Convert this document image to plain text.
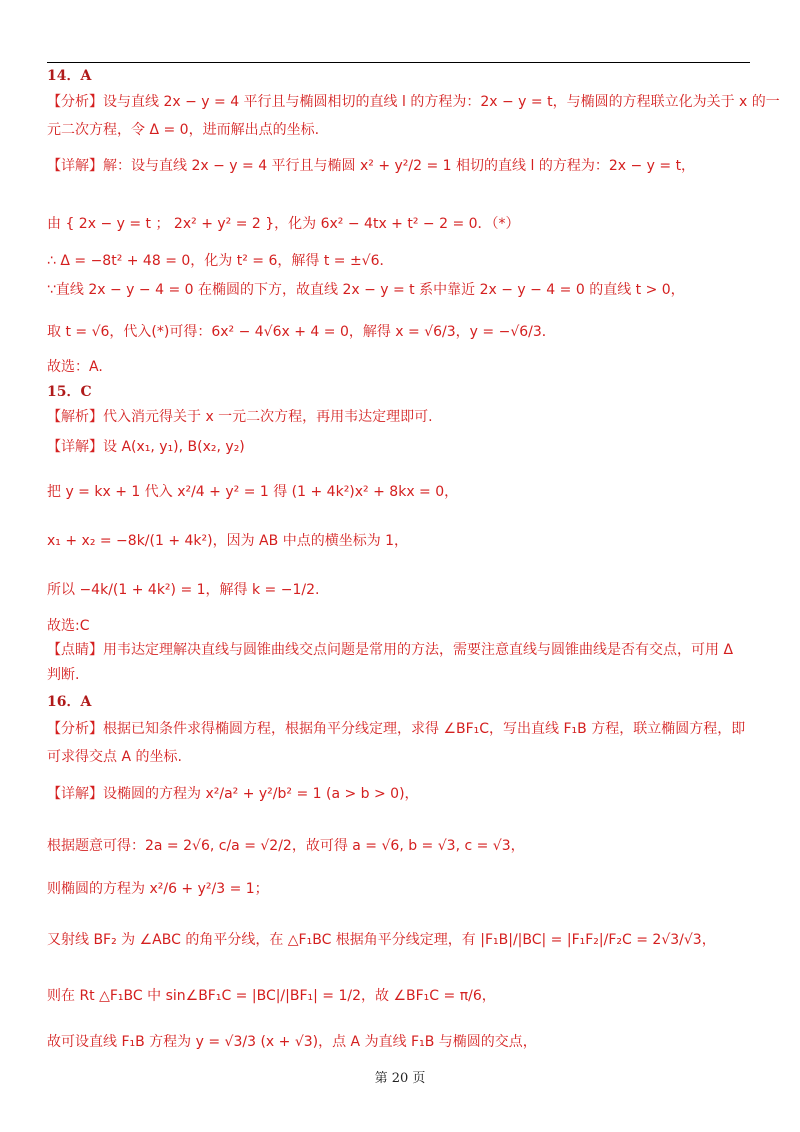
14．A
【分析】设与直线 2x − y = 4 平行且与椭圆相切的直线 l 的方程为：2x − y = t，与椭圆的方程联立化为关于 x 的一
元二次方程，令 Δ = 0，进而解出点的坐标.
【详解】解：设与直线 2x − y = 4 平行且与椭圆 x² + y²/2 = 1 相切的直线 l 的方程为：2x − y = t，
由 { 2x − y = t ； 2x² + y² = 2 }，化为 6x² − 4tx + t² − 2 = 0．（*）
∴ Δ = −8t² + 48 = 0，化为 t² = 6，解得 t = ±√6．
∵直线 2x − y − 4 = 0 在椭圆的下方，故直线 2x − y = t 系中靠近 2x − y − 4 = 0 的直线 t > 0，
取 t = √6，代入(*)可得：6x² − 4√6x + 4 = 0，解得 x = √6/3，y = −√6/3．
故选：A.
15．C
【解析】代入消元得关于 x 一元二次方程，再用韦达定理即可.
【详解】设 A(x₁, y₁), B(x₂, y₂)
把 y = kx + 1 代入 x²/4 + y² = 1 得 (1 + 4k²)x² + 8kx = 0，
x₁ + x₂ = −8k/(1 + 4k²)，因为 AB 中点的横坐标为 1，
所以 −4k/(1 + 4k²) = 1，解得 k = −1/2.
故选:C
【点睛】用韦达定理解决直线与圆锥曲线交点问题是常用的方法，需要注意直线与圆锥曲线是否有交点，可用 Δ
判断.
16．A
【分析】根据已知条件求得椭圆方程，根据角平分线定理，求得 ∠BF₁C，写出直线 F₁B 方程，联立椭圆方程，即
可求得交点 A 的坐标.
【详解】设椭圆的方程为 x²/a² + y²/b² = 1 (a > b > 0)，
根据题意可得：2a = 2√6, c/a = √2/2，故可得 a = √6, b = √3, c = √3，
则椭圆的方程为 x²/6 + y²/3 = 1；
又射线 BF₂ 为 ∠ABC 的角平分线，在 △F₁BC 根据角平分线定理，有 |F₁B|/|BC| = |F₁F₂|/F₂C = 2√3/√3，
则在 Rt △F₁BC 中 sin∠BF₁C = |BC|/|BF₁| = 1/2，故 ∠BF₁C = π/6，
故可设直线 F₁B 方程为 y = √3/3 (x + √3)，点 A 为直线 F₁B 与椭圆的交点，
第 20 页
